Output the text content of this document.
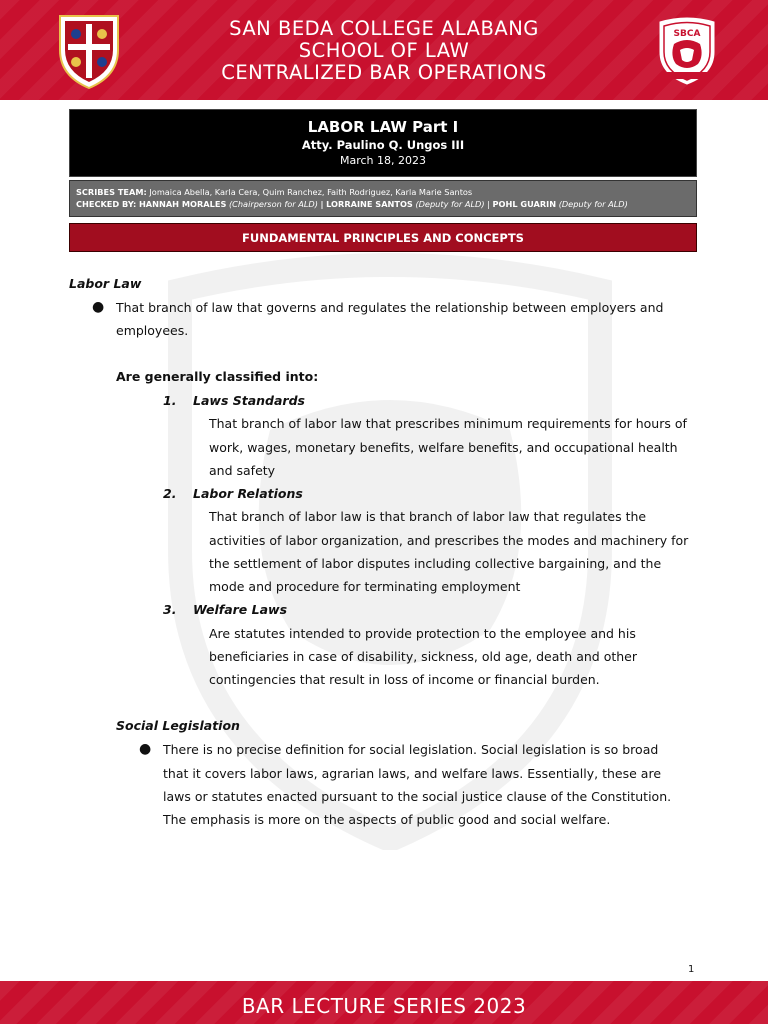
SAN BEDA COLLEGE ALABANG
SCHOOL OF LAW
CENTRALIZED BAR OPERATIONS
SBCA
LABOR LAW Part I
Atty. Paulino Q. Ungos III
March 18, 2023
SCRIBES TEAM: Jomaica Abella, Karla Cera, Quim Ranchez, Faith Rodriguez, Karla Marie Santos
CHECKED BY: HANNAH MORALES (Chairperson for ALD) | LORRAINE SANTOS (Deputy for ALD) | POHL GUARIN (Deputy for ALD)
FUNDAMENTAL PRINCIPLES AND CONCEPTS
Labor Law
● That branch of law that governs and regulates the relationship between employers and
employees.
Are generally classified into:
1. Laws Standards
That branch of labor law that prescribes minimum requirements for hours of
work, wages, monetary benefits, welfare benefits, and occupational health
and safety
2. Labor Relations
That branch of labor law is that branch of labor law that regulates the
activities of labor organization, and prescribes the modes and machinery for
the settlement of labor disputes including collective bargaining, and the
mode and procedure for terminating employment
3. Welfare Laws
Are statutes intended to provide protection to the employee and his
beneficiaries in case of disability, sickness, old age, death and other
contingencies that result in loss of income or financial burden.
Social Legislation
● There is no precise definition for social legislation. Social legislation is so broad
that it covers labor laws, agrarian laws, and welfare laws. Essentially, these are
laws or statutes enacted pursuant to the social justice clause of the Constitution.
The emphasis is more on the aspects of public good and social welfare.
1
BAR LECTURE SERIES 2023
